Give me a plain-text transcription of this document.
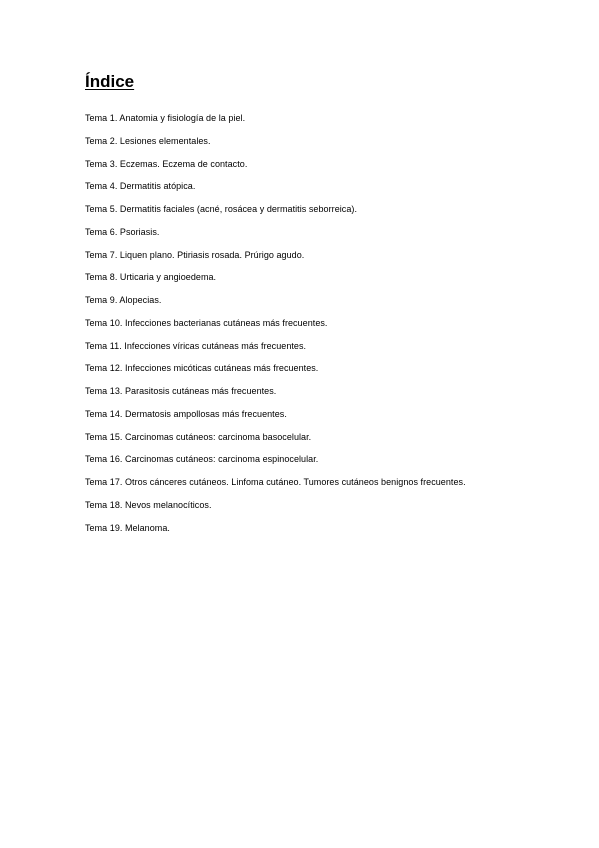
Índice
Tema 1. Anatomia y fisiología de la piel.
Tema 2. Lesiones elementales.
Tema 3. Eczemas. Eczema de contacto.
Tema 4. Dermatitis atópica.
Tema 5. Dermatitis faciales (acné, rosácea y dermatitis seborreica).
Tema 6. Psoriasis.
Tema 7. Liquen plano. Ptiriasis rosada. Prúrigo agudo.
Tema 8. Urticaria y angioedema.
Tema 9. Alopecias.
Tema 10. Infecciones bacterianas cutáneas más frecuentes.
Tema 11. Infecciones víricas cutáneas más frecuentes.
Tema 12. Infecciones micóticas cutáneas más frecuentes.
Tema 13. Parasitosis cutáneas más frecuentes.
Tema 14. Dermatosis ampollosas más frecuentes.
Tema 15. Carcinomas cutáneos: carcinoma basocelular.
Tema 16. Carcinomas cutáneos: carcinoma espinocelular.
Tema 17. Otros cánceres cutáneos. Linfoma cutáneo. Tumores cutáneos benignos frecuentes.
Tema 18. Nevos melanocíticos.
Tema 19. Melanoma.
